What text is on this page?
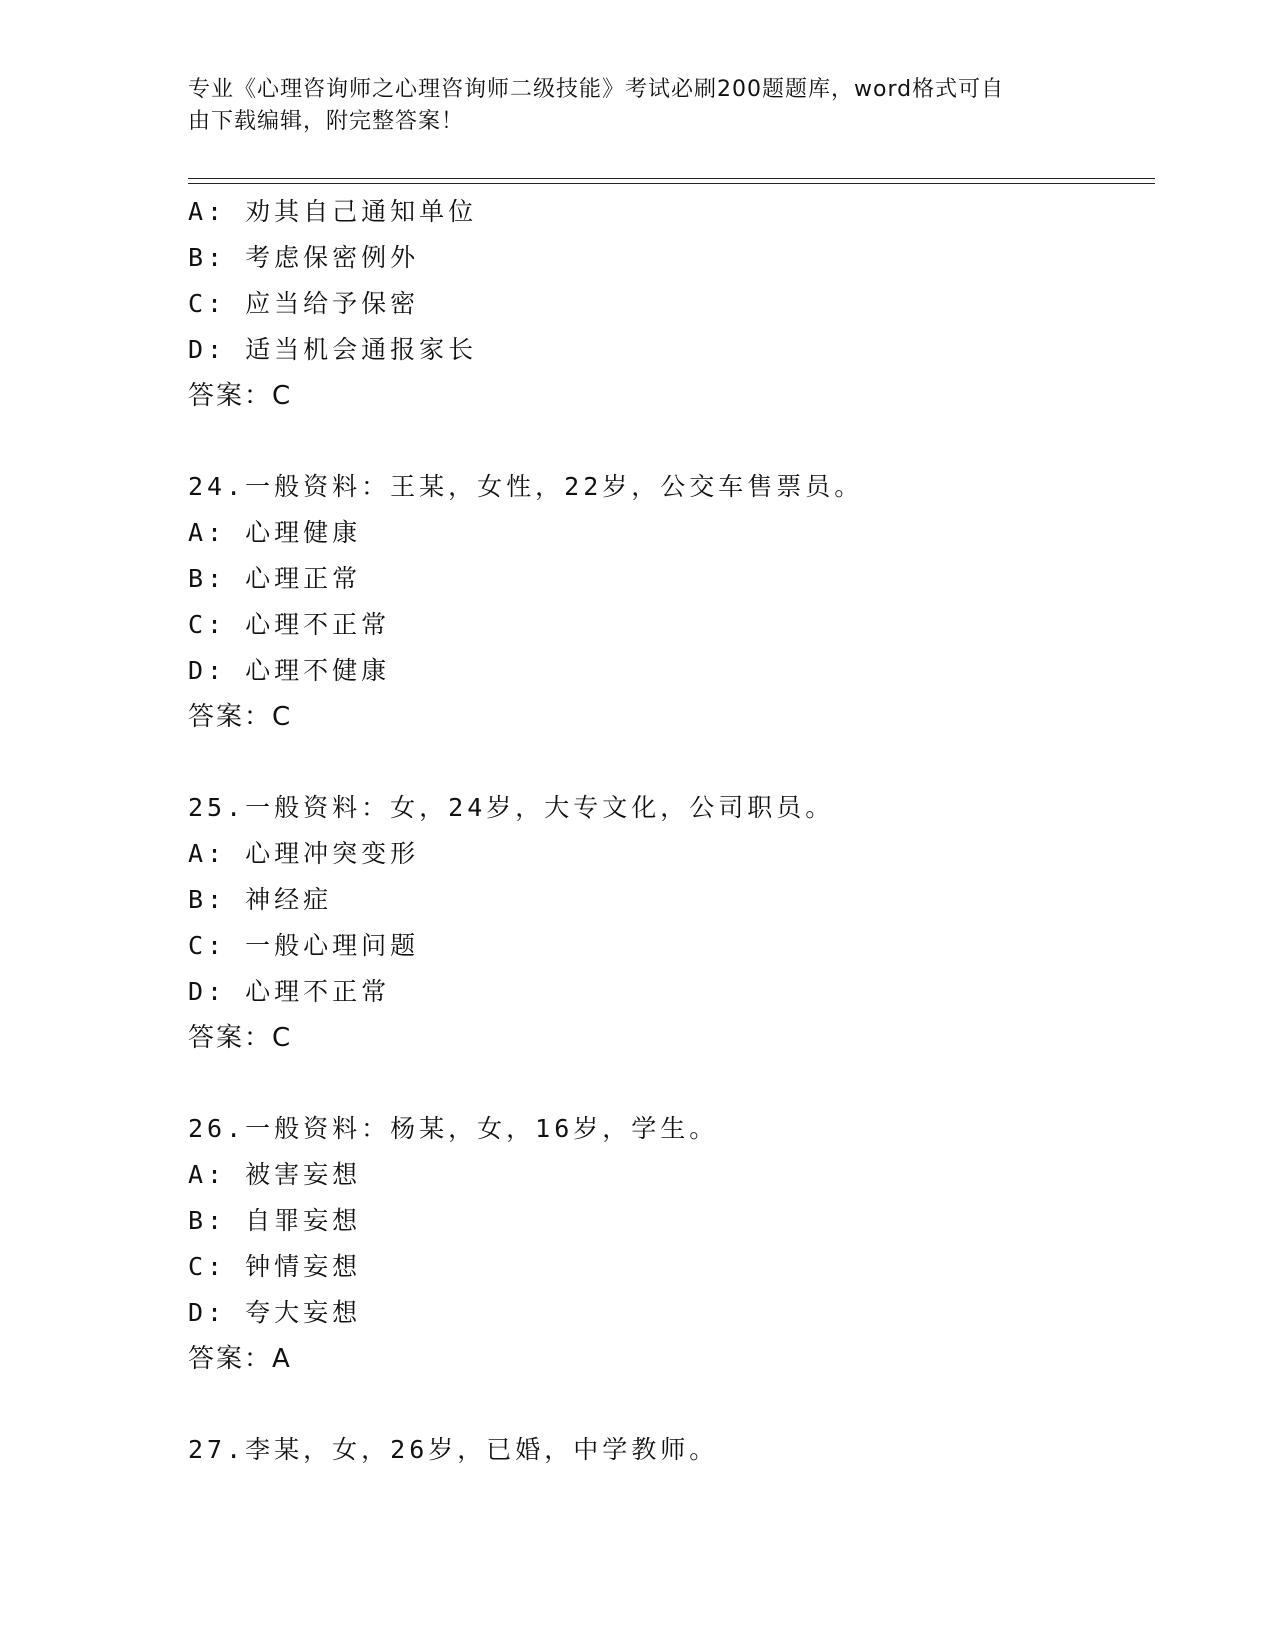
专业《心理咨询师之心理咨询师二级技能》考试必刷200题题库，word格式可自
由下载编辑，附完整答案！
A: 劝其自己通知单位
B: 考虑保密例外
C: 应当给予保密
D: 适当机会通报家长
答案：C
24.一般资料：王某，女性，22岁，公交车售票员。
A: 心理健康
B: 心理正常
C: 心理不正常
D: 心理不健康
答案：C
25.一般资料：女，24岁，大专文化，公司职员。
A: 心理冲突变形
B: 神经症
C: 一般心理问题
D: 心理不正常
答案：C
26.一般资料：杨某，女，16岁，学生。
A: 被害妄想
B: 自罪妄想
C: 钟情妄想
D: 夸大妄想
答案：A
27.李某，女，26岁，已婚，中学教师。
